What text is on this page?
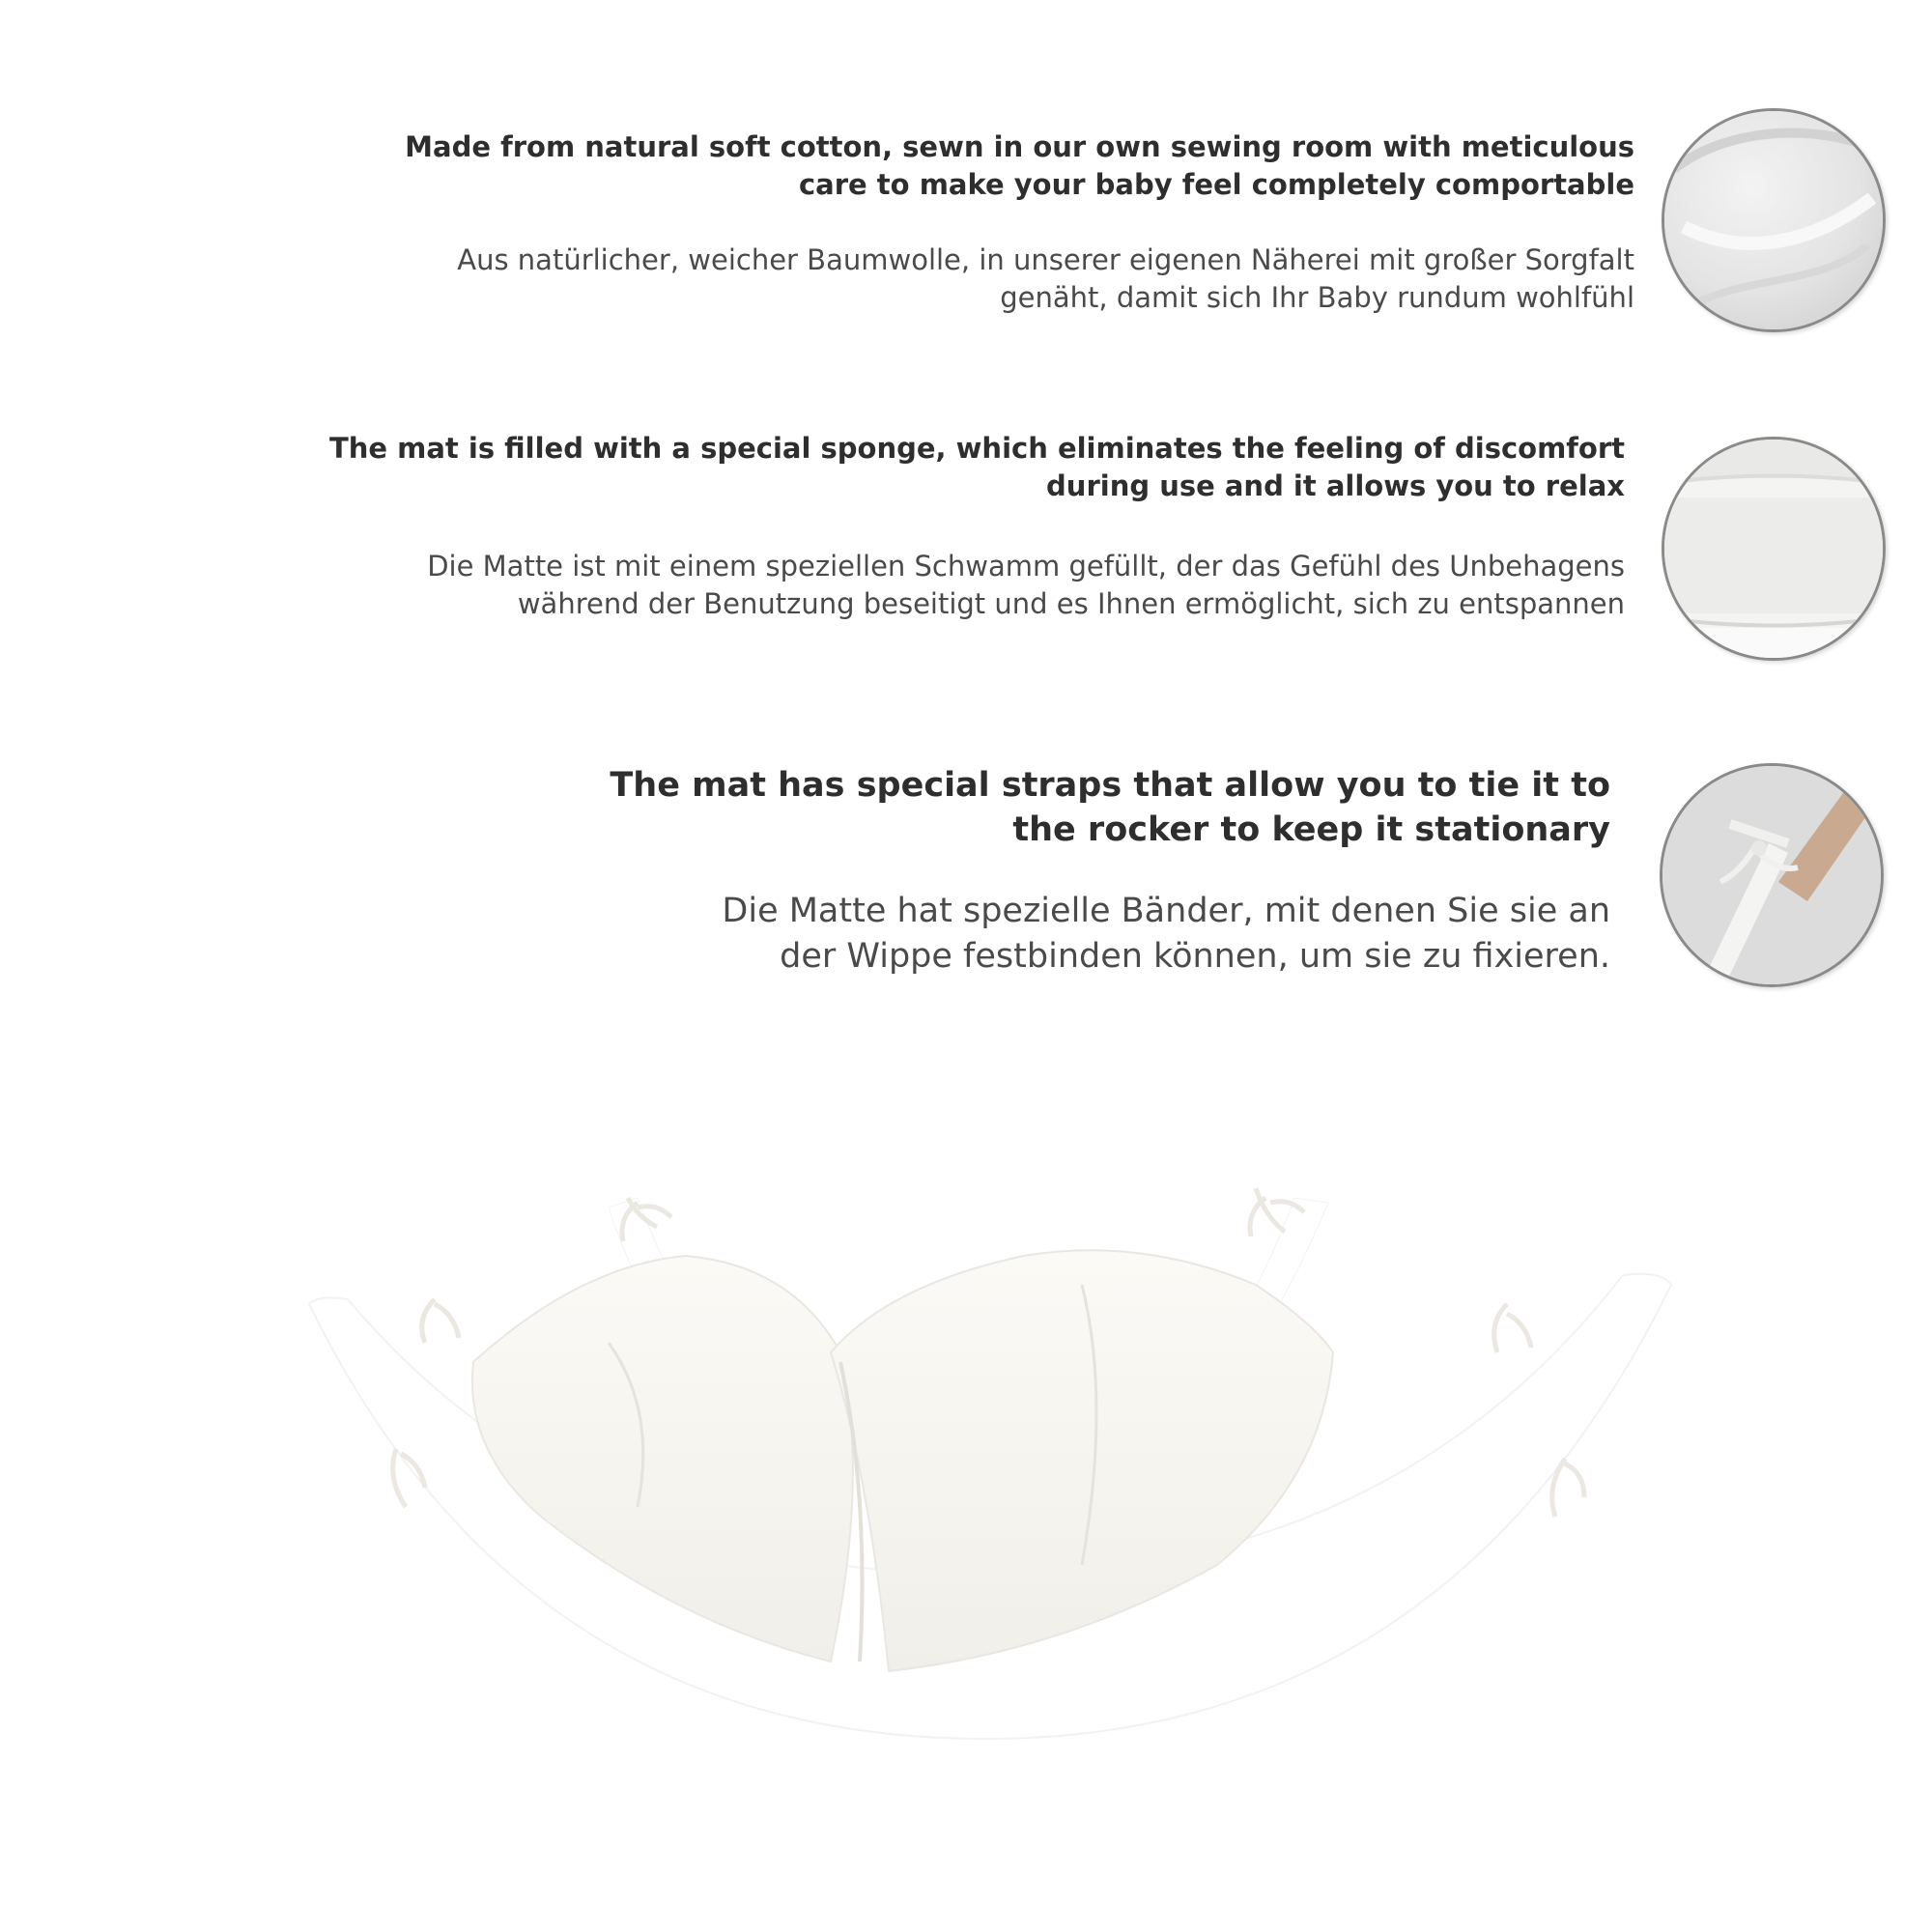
Made from natural soft cotton, sewn in our own sewing room with meticulous
care to make your baby feel completely comportable

Aus natürlicher, weicher Baumwolle, in unserer eigenen Näherei mit großer Sorgfalt
genäht, damit sich Ihr Baby rundum wohlfühl

The mat is filled with a special sponge, which eliminates the feeling of discomfort
during use and it allows you to relax

Die Matte ist mit einem speziellen Schwamm gefüllt, der das Gefühl des Unbehagens
während der Benutzung beseitigt und es Ihnen ermöglicht, sich zu entspannen

The mat has special straps that allow you to tie it to
the rocker to keep it stationary

Die Matte hat spezielle Bänder, mit denen Sie sie an
der Wippe festbinden können, um sie zu fixieren.
